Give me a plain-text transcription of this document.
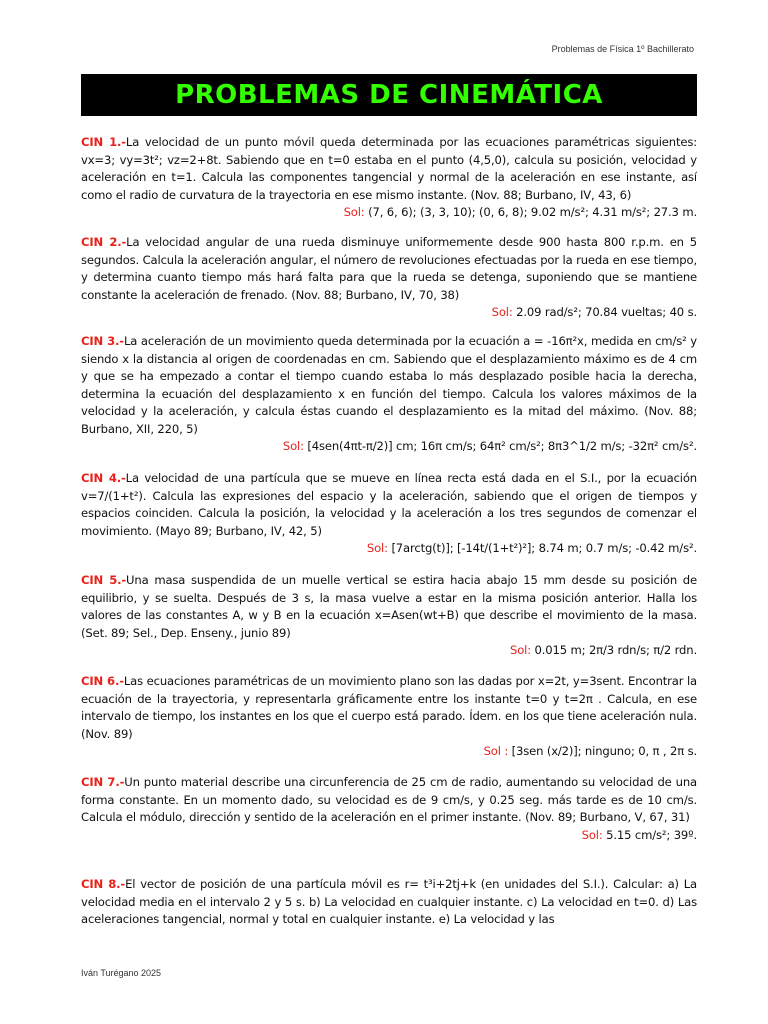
Problemas de Física 1º Bachillerato
PROBLEMAS DE CINEMÁTICA

CIN 1.-La velocidad de un punto móvil queda determinada por las ecuaciones paramétricas siguientes: vx=3; vy=3t²; vz=2+8t. Sabiendo que en t=0 estaba en el punto (4,5,0), calcula su posición, velocidad y aceleración en t=1. Calcula las componentes tangencial y normal de la aceleración en ese instante, así como el radio de curvatura de la trayectoria en ese mismo instante. (Nov. 88; Burbano, IV, 43, 6)

Sol: (7, 6, 6); (3, 3, 10); (0, 6, 8); 9.02 m/s²; 4.31 m/s²; 27.3 m.

CIN 2.-La velocidad angular de una rueda disminuye uniformemente desde 900 hasta 800 r.p.m. en 5 segundos. Calcula la aceleración angular, el número de revoluciones efectuadas por la rueda en ese tiempo, y determina cuanto tiempo más hará falta para que la rueda se detenga, suponiendo que se mantiene constante la aceleración de frenado. (Nov. 88; Burbano, IV, 70, 38)

Sol: 2.09 rad/s²; 70.84 vueltas; 40 s.

CIN 3.-La aceleración de un movimiento queda determinada por la ecuación a = -16π²x, medida en cm/s² y siendo x la distancia al origen de coordenadas en cm. Sabiendo que el desplazamiento máximo es de 4 cm y que se ha empezado a contar el tiempo cuando estaba lo más desplazado posible hacia la derecha, determina la ecuación del desplazamiento x en función del tiempo. Calcula los valores máximos de la velocidad y la aceleración, y calcula éstas cuando el desplazamiento es la mitad del máximo. (Nov. 88; Burbano, XII, 220, 5)

Sol: [4sen(4πt-π/2)] cm; 16π cm/s; 64π² cm/s²; 8π3^1/2 m/s; -32π² cm/s².

CIN 4.-La velocidad de una partícula que se mueve en línea recta está dada en el S.I., por la ecuación v=7/(1+t²). Calcula las expresiones del espacio y la aceleración, sabiendo que el origen de tiempos y espacios coinciden. Calcula la posición, la velocidad y la aceleración a los tres segundos de comenzar el movimiento. (Mayo 89; Burbano, IV, 42, 5)

Sol: [7arctg(t)]; [-14t/(1+t²)²]; 8.74 m; 0.7 m/s; -0.42 m/s².

CIN 5.-Una masa suspendida de un muelle vertical se estira hacia abajo 15 mm desde su posición de equilibrio, y se suelta. Después de 3 s, la masa vuelve a estar en la misma posición anterior. Halla los valores de las constantes A, w y B en la ecuación x=Asen(wt+B) que describe el movimiento de la masa. (Set. 89; Sel., Dep. Enseny., junio 89)

Sol: 0.015 m; 2π/3 rdn/s; π/2 rdn.

CIN 6.-Las ecuaciones paramétricas de un movimiento plano son las dadas por x=2t, y=3sent. Encontrar la ecuación de la trayectoria, y representarla gráficamente entre los instante t=0 y t=2π . Calcula, en ese intervalo de tiempo, los instantes en los que el cuerpo está parado. Ídem. en los que tiene aceleración nula. (Nov. 89)

Sol : [3sen (x/2)]; ninguno; 0, π , 2π s.

CIN 7.-Un punto material describe una circunferencia de 25 cm de radio, aumentando su velocidad de una forma constante. En un momento dado, su velocidad es de 9 cm/s, y 0.25 seg. más tarde es de 10 cm/s. Calcula el módulo, dirección y sentido de la aceleración en el primer instante. (Nov. 89; Burbano, V, 67, 31)

Sol: 5.15 cm/s²; 39º.

CIN 8.-El vector de posición de una partícula móvil es r= t³i+2tj+k (en unidades del S.I.). Calcular: a) La velocidad media en el intervalo 2 y 5 s. b) La velocidad en cualquier instante. c) La velocidad en t=0. d) Las aceleraciones tangencial, normal y total en cualquier instante. e) La velocidad y las

Iván Turégano 2025
